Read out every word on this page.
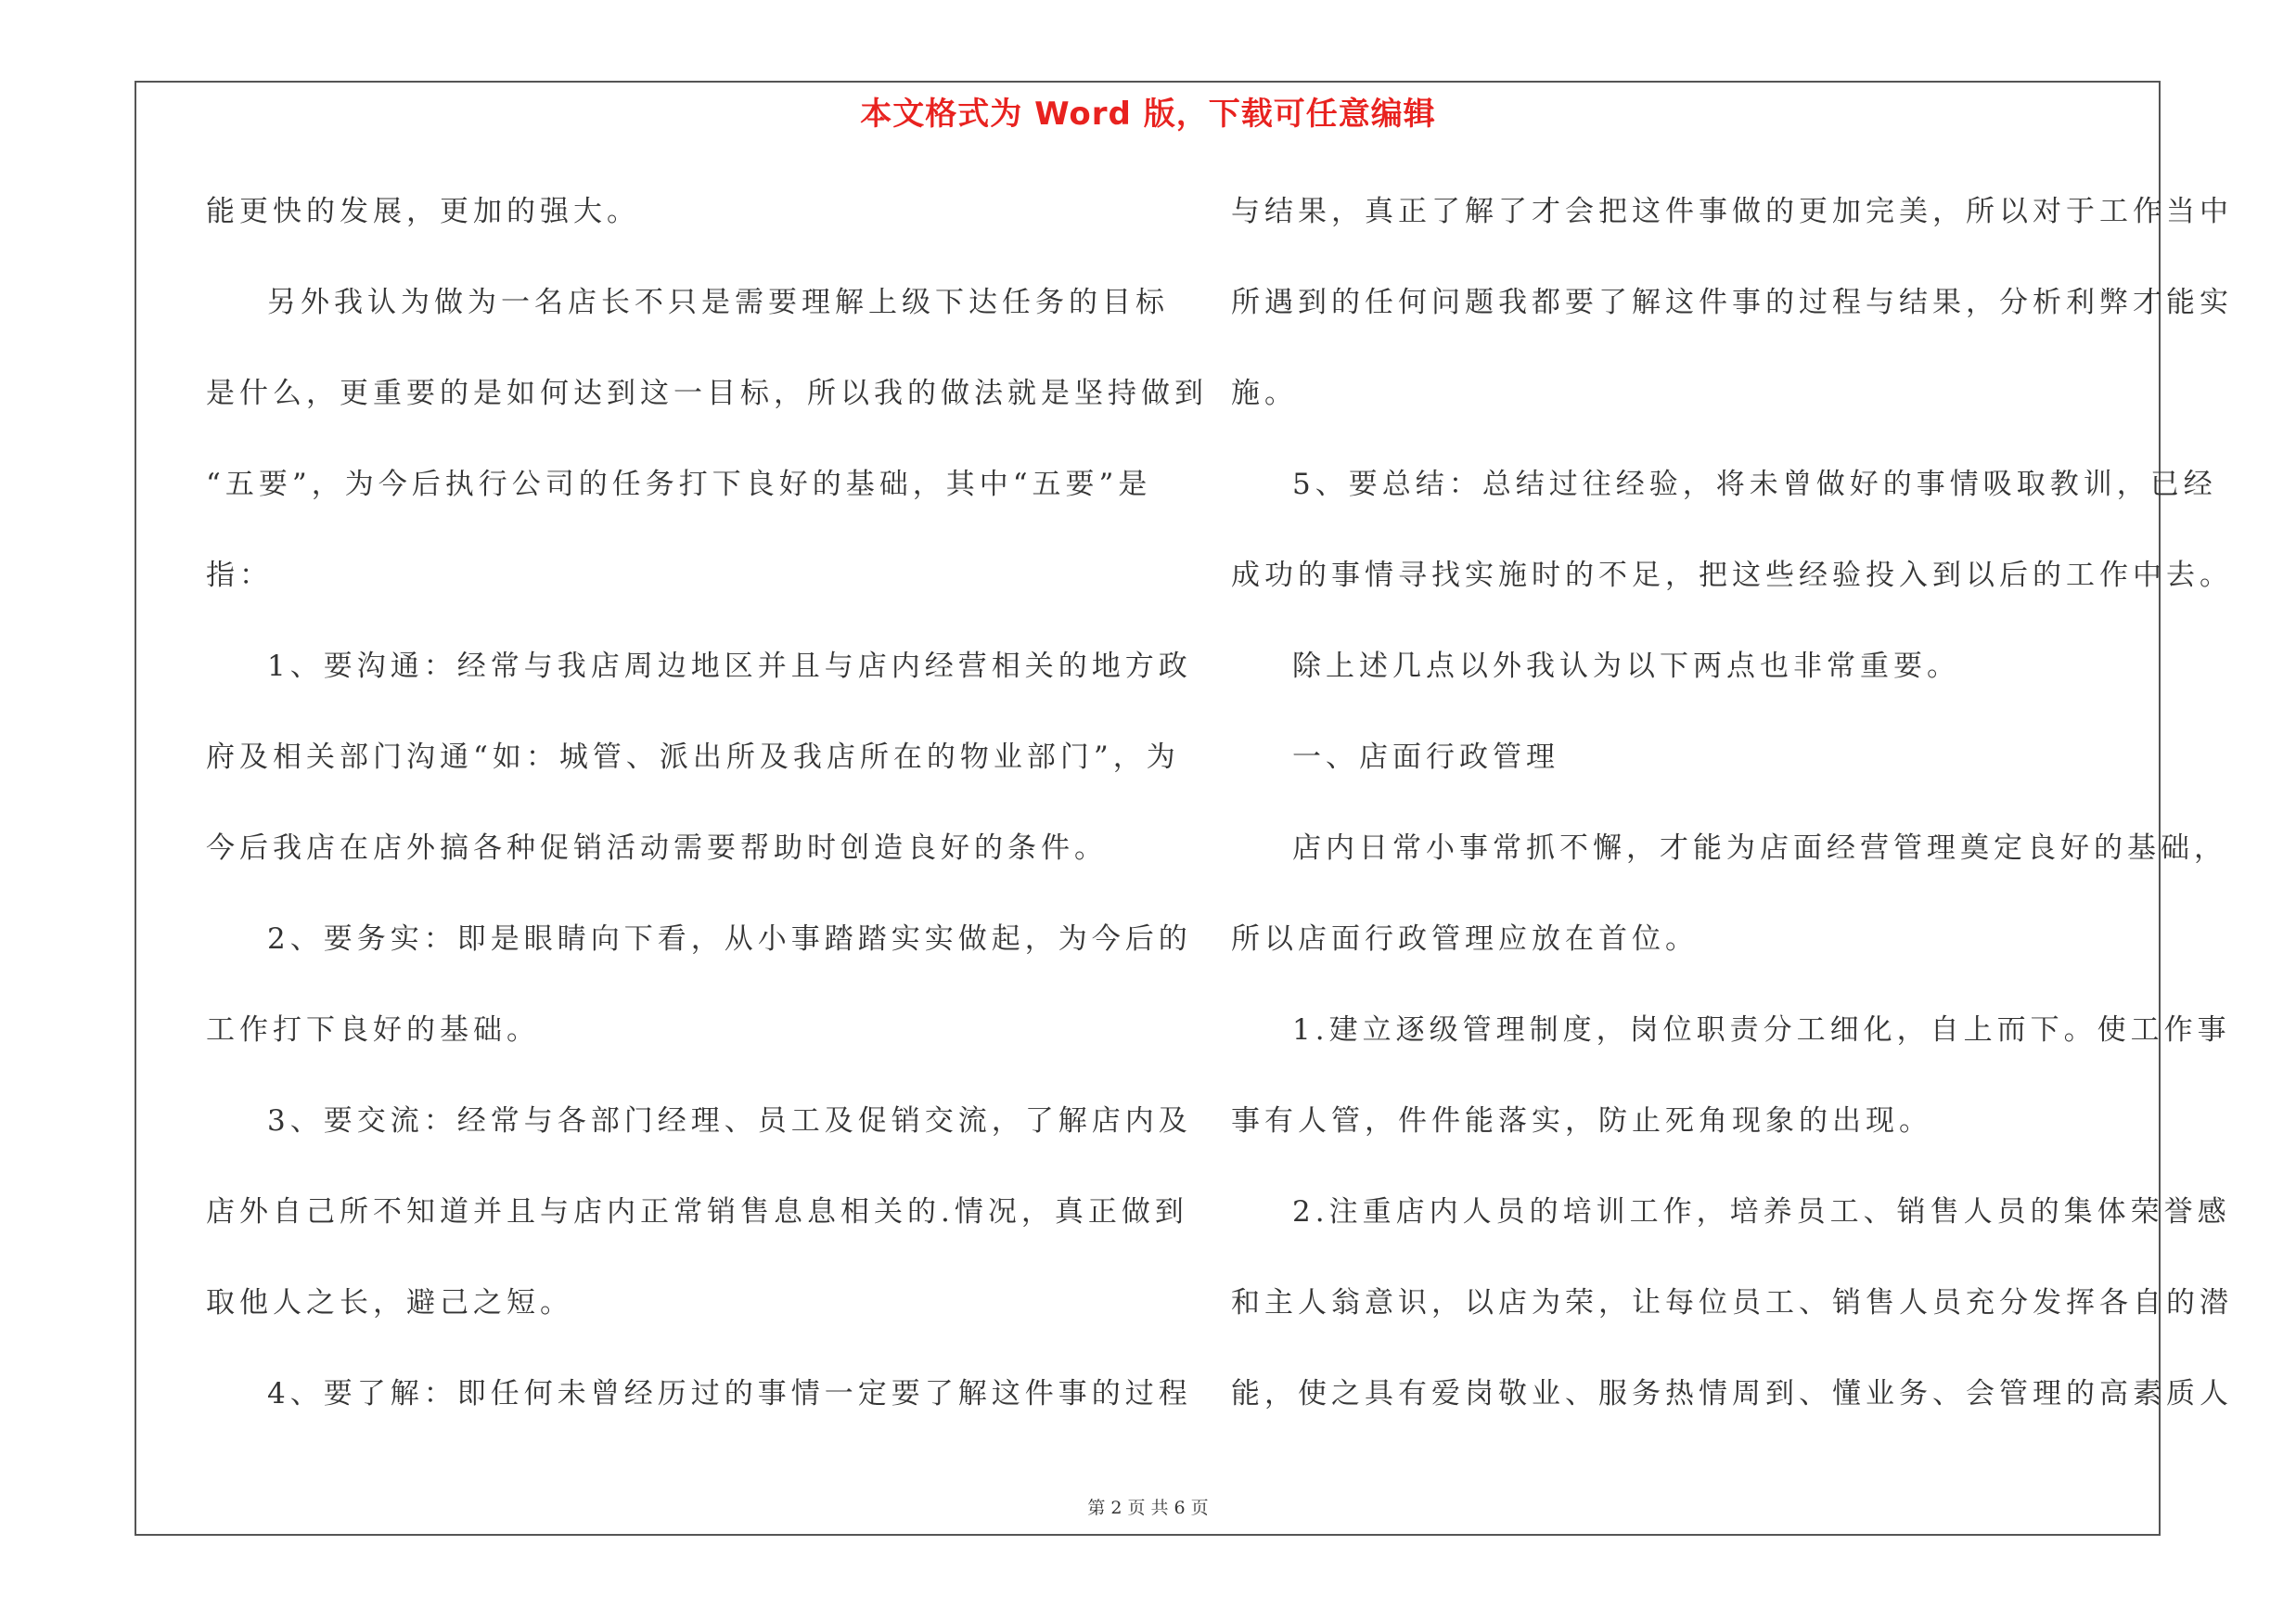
本文格式为 Word 版，下载可任意编辑
能更快的发展，更加的强大。
另外我认为做为一名店长不只是需要理解上级下达任务的目标
是什么，更重要的是如何达到这一目标，所以我的做法就是坚持做到
“五要”，为今后执行公司的任务打下良好的基础，其中“五要”是
指：
1、要沟通：经常与我店周边地区并且与店内经营相关的地方政
府及相关部门沟通“如：城管、派出所及我店所在的物业部门”，为
今后我店在店外搞各种促销活动需要帮助时创造良好的条件。
2、要务实：即是眼睛向下看，从小事踏踏实实做起，为今后的
工作打下良好的基础。
3、要交流：经常与各部门经理、员工及促销交流，了解店内及
店外自己所不知道并且与店内正常销售息息相关的.情况，真正做到
取他人之长，避己之短。
4、要了解：即任何未曾经历过的事情一定要了解这件事的过程
与结果，真正了解了才会把这件事做的更加完美，所以对于工作当中
所遇到的任何问题我都要了解这件事的过程与结果，分析利弊才能实
施。
5、要总结：总结过往经验，将未曾做好的事情吸取教训，已经
成功的事情寻找实施时的不足，把这些经验投入到以后的工作中去。
除上述几点以外我认为以下两点也非常重要。
一、店面行政管理
店内日常小事常抓不懈，才能为店面经营管理奠定良好的基础，
所以店面行政管理应放在首位。
1.建立逐级管理制度，岗位职责分工细化，自上而下。使工作事
事有人管，件件能落实，防止死角现象的出现。
2.注重店内人员的培训工作，培养员工、销售人员的集体荣誉感
和主人翁意识，以店为荣，让每位员工、销售人员充分发挥各自的潜
能，使之具有爱岗敬业、服务热情周到、懂业务、会管理的高素质人
第 2 页 共 6 页
